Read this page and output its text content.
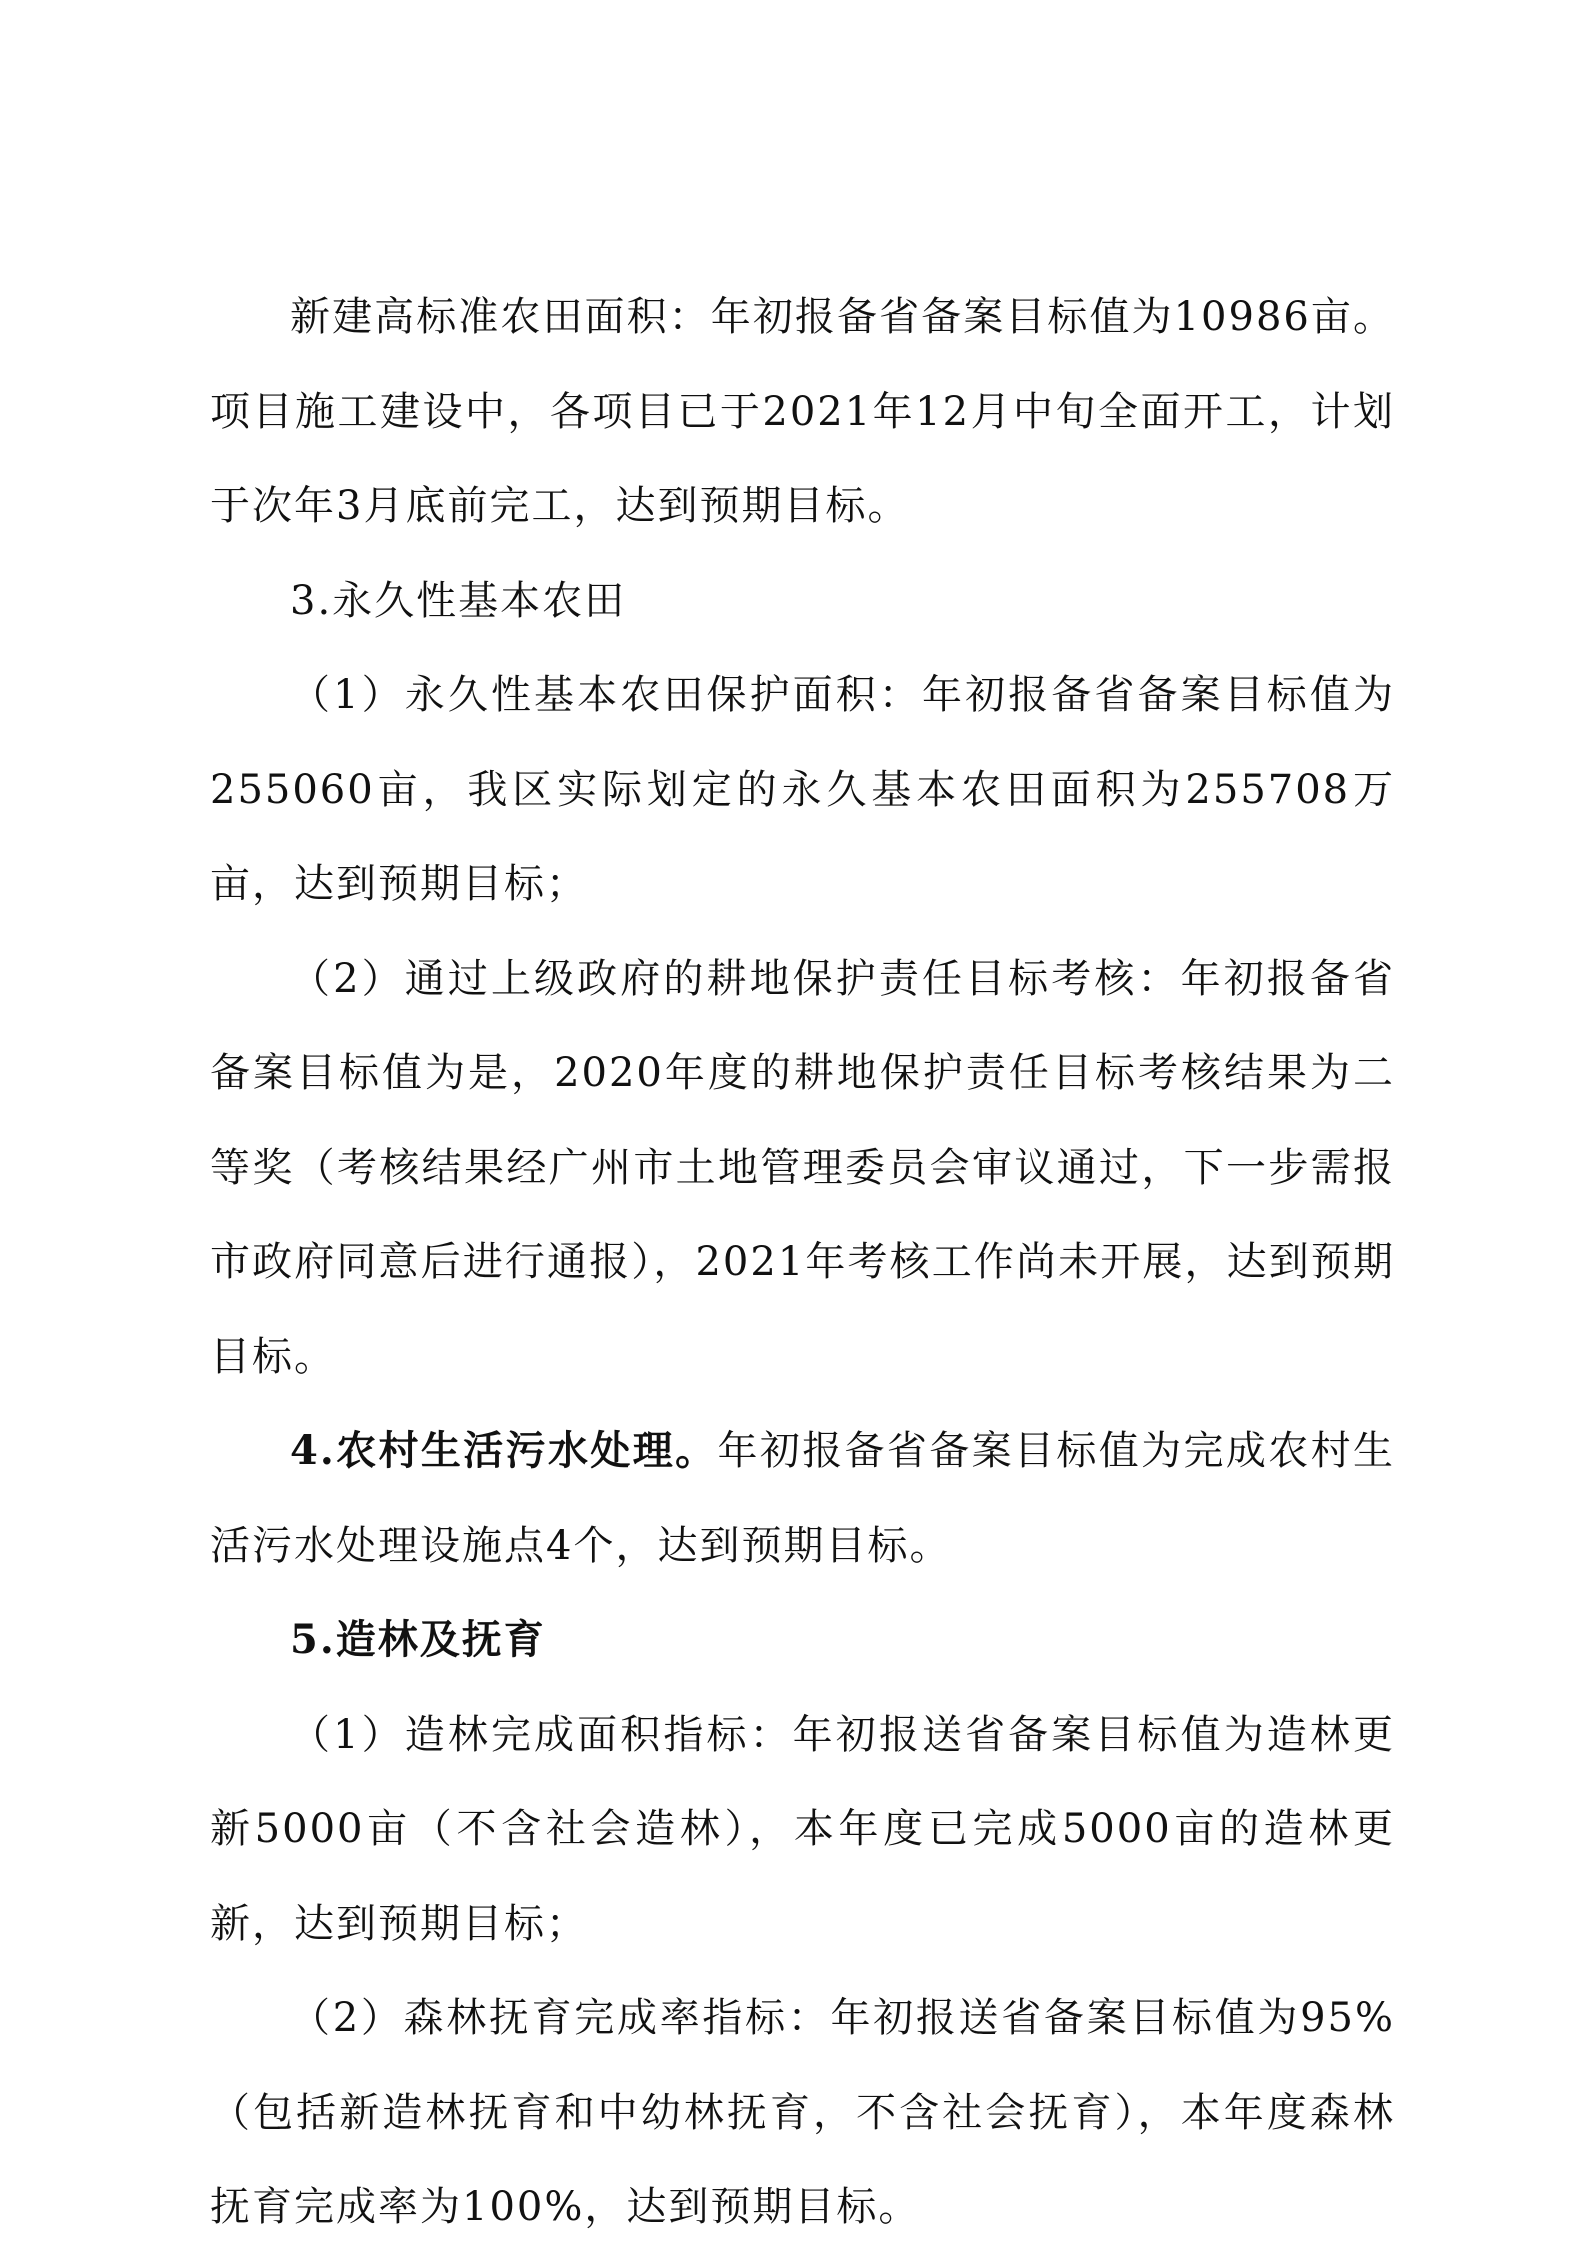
新建高标准农田面积：年初报备省备案目标值为10986亩。项目施工建设中，各项目已于2021年12月中旬全面开工，计划于次年3月底前完工，达到预期目标。

3.永久性基本农田

（1）永久性基本农田保护面积：年初报备省备案目标值为255060亩，我区实际划定的永久基本农田面积为255708万亩，达到预期目标；

（2）通过上级政府的耕地保护责任目标考核：年初报备省备案目标值为是，2020年度的耕地保护责任目标考核结果为二等奖（考核结果经广州市土地管理委员会审议通过，下一步需报市政府同意后进行通报），2021年考核工作尚未开展，达到预期目标。

4.农村生活污水处理。年初报备省备案目标值为完成农村生活污水处理设施点4个，达到预期目标。

5.造林及抚育

（1）造林完成面积指标：年初报送省备案目标值为造林更新5000亩（不含社会造林），本年度已完成5000亩的造林更新，达到预期目标；

（2）森林抚育完成率指标：年初报送省备案目标值为95%（包括新造林抚育和中幼林抚育，不含社会抚育），本年度森林抚育完成率为100%，达到预期目标。
